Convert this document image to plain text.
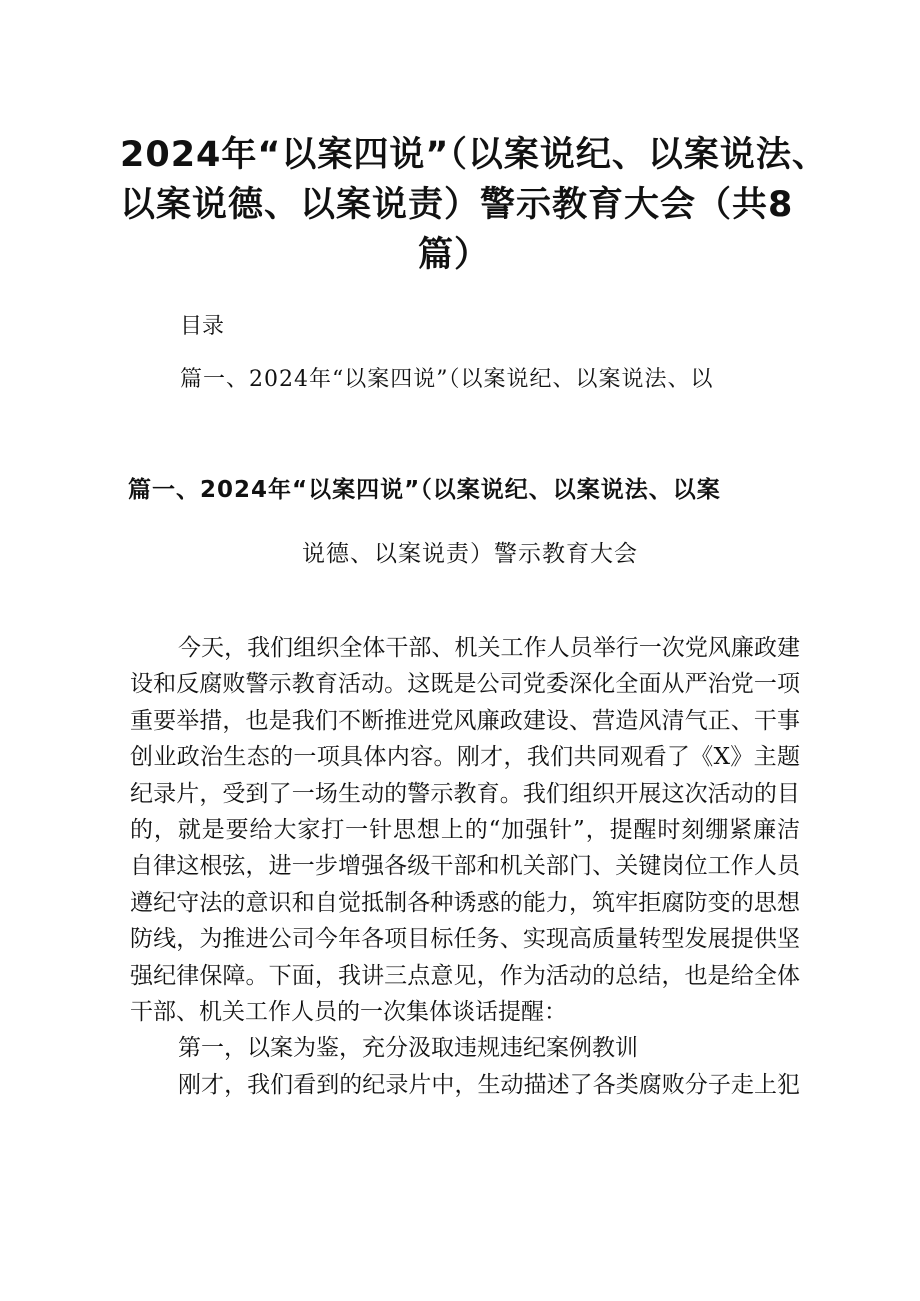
2024年“以案四说”（以案说纪、以案说法、
以案说德、以案说责）警示教育大会（共8
篇）
目录
篇一、2024年“以案四说”（以案说纪、以案说法、以
篇一、2024年“以案四说”（以案说纪、以案说法、以案
说德、以案说责）警示教育大会
今天，我们组织全体干部、机关工作人员举行一次党风廉政建
设和反腐败警示教育活动。这既是公司党委深化全面从严治党一项
重要举措，也是我们不断推进党风廉政建设、营造风清气正、干事
创业政治生态的一项具体内容。刚才，我们共同观看了《X》主题
纪录片，受到了一场生动的警示教育。我们组织开展这次活动的目
的，就是要给大家打一针思想上的“加强针”，提醒时刻绷紧廉洁
自律这根弦，进一步增强各级干部和机关部门、关键岗位工作人员
遵纪守法的意识和自觉抵制各种诱惑的能力，筑牢拒腐防变的思想
防线，为推进公司今年各项目标任务、实现高质量转型发展提供坚
强纪律保障。下面，我讲三点意见，作为活动的总结，也是给全体
干部、机关工作人员的一次集体谈话提醒：
第一，以案为鉴，充分汲取违规违纪案例教训
刚才，我们看到的纪录片中，生动描述了各类腐败分子走上犯
